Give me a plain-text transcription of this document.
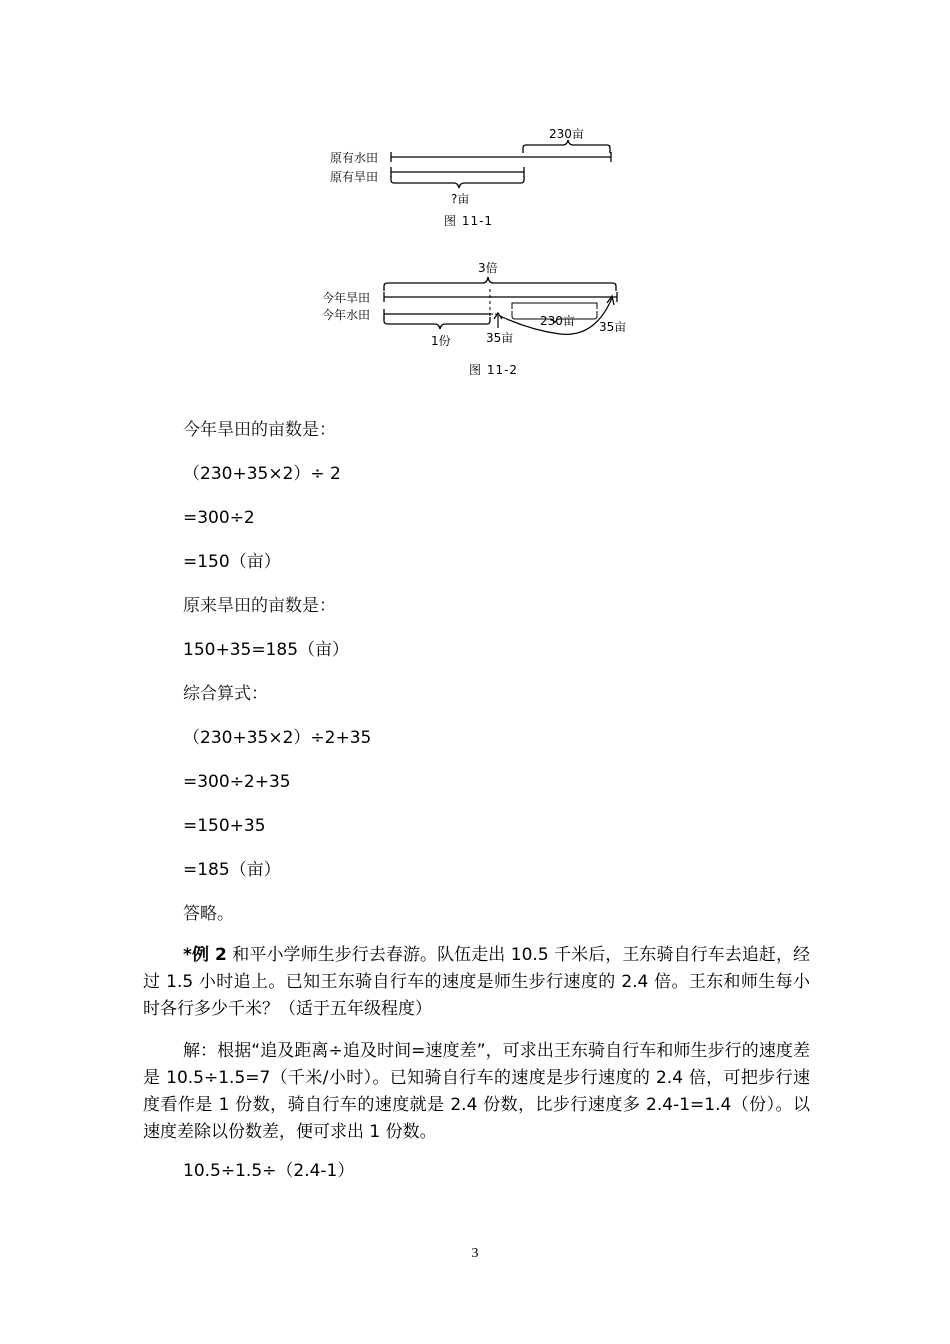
230亩
原有水田
原有旱田
?亩
图 11-1
3倍
今年旱田
今年水田	230亩
1份	35亩
35亩
图 11-2
今年旱田的亩数是：
（230+35×2）÷ 2
=300÷2
=150（亩）
原来旱田的亩数是：
150+35=185（亩）
综合算式：
（230+35×2）÷2+35
=300÷2+35
=150+35
=185（亩）
答略。
*例 2 和平小学师生步行去春游。队伍走出 10.5 千米后，王东骑自行车去追赶，经过 1.5 小时追上。已知王东骑自行车的速度是师生步行速度的 2.4 倍。王东和师生每小时各行多少千米？（适于五年级程度）
解：根据“追及距离÷追及时间=速度差”，可求出王东骑自行车和师生步行的速度差是 10.5÷1.5=7（千米/小时）。已知骑自行车的速度是步行速度的 2.4 倍，可把步行速度看作是 1 份数，骑自行车的速度就是 2.4 份数，比步行速度多 2.4-1=1.4（份）。以速度差除以份数差，便可求出 1 份数。
10.5÷1.5÷（2.4-1）
3
